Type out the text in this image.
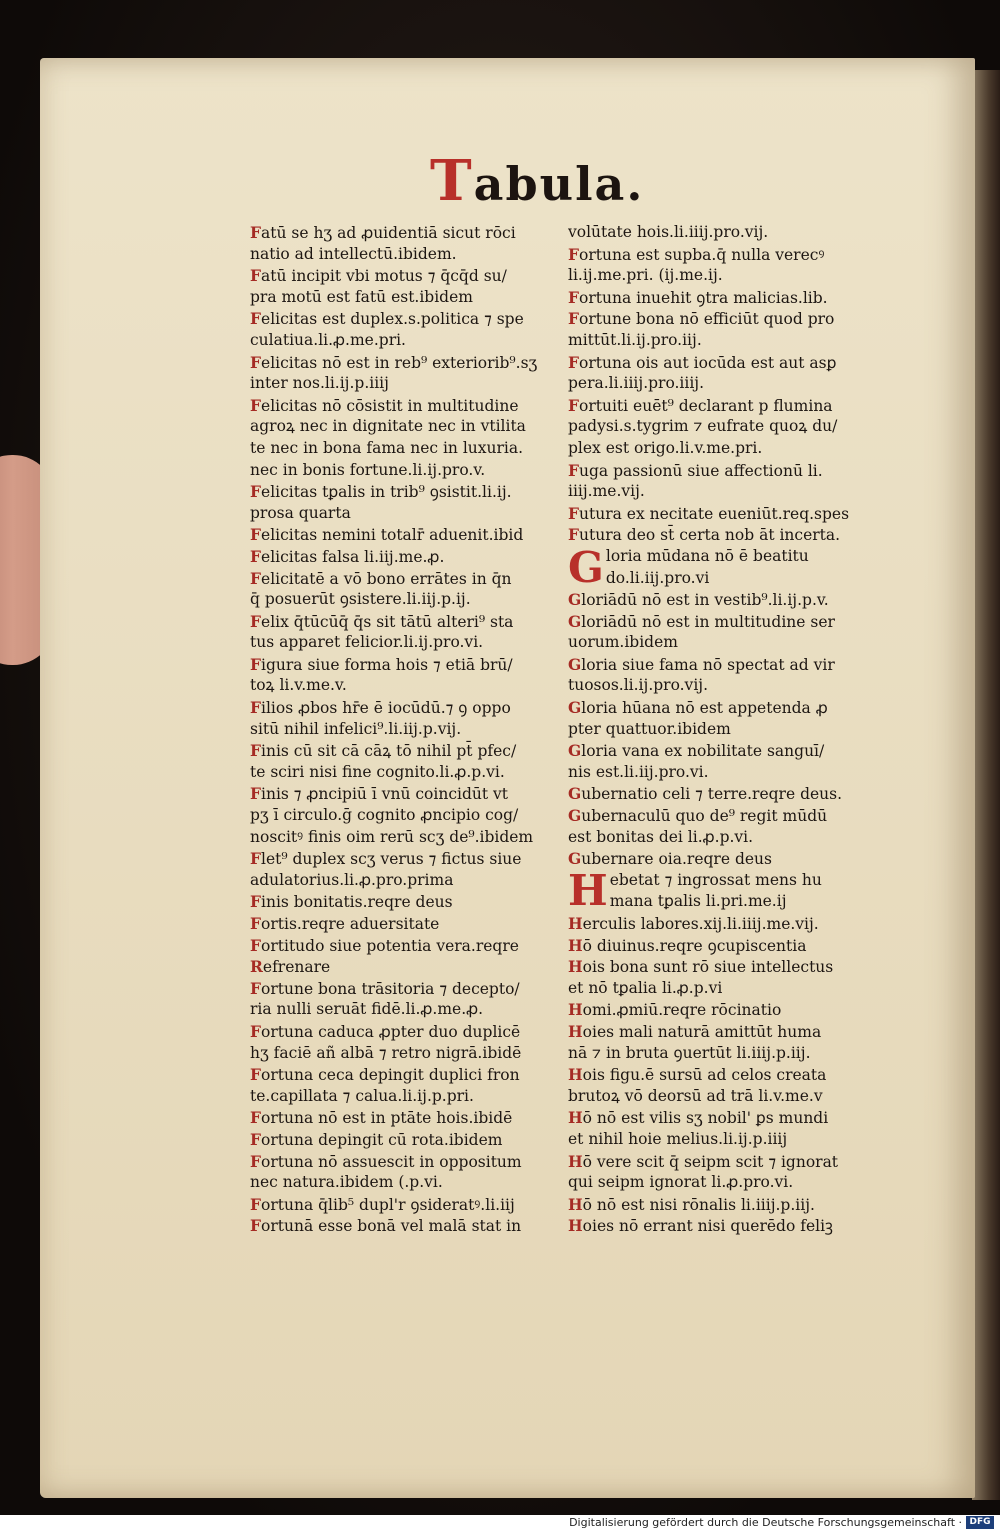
Tabula.
Fatū se hʒ ad ꝓuidentiā sicut rōci
natio ad intellectū.ibidem.
Fatū incipit vbi motus ⁊ q̄cq̄d su/
pra motū est fatū est.ibidem
Felicitas est duplex.s.politica ⁊ spe
culatiua.li.ꝓ.me.pri.
Felicitas nō est in reb⁹ exteriorib⁹.sʒ
inter nos.li.ij.p.iiij
Felicitas nō cōsistit in multitudine
agroꝝ nec in dignitate nec in vtilita
te nec in bona fama nec in luxuria.
nec in bonis fortune.li.ij.pro.v.
Felicitas tꝑalis in trib⁹ ꝯsistit.li.ij.
prosa quarta
Felicitas nemini totalr̄ aduenit.ibid
Felicitas falsa li.iij.me.ꝓ.
Felicitatē a vō bono errātes in q̄n
q̄ posuerūt ꝯsistere.li.iij.p.ij.
Felix q̄tūcūq̄ q̄s sit tātū alteri⁹ sta
tus apparet felicior.li.ij.pro.vi.
Figura siue forma hois ⁊ etiā brū/
toꝝ li.v.me.v.
Filios ꝓbos hr̄e ē iocūdū.⁊ ꝯ oppo
sitū nihil infelici⁹.li.iij.p.vij.
Finis cū sit cā cāꝝ tō nihil pt̄ pfec/
te sciri nisi fine cognito.li.ꝓ.p.vi.
Finis ⁊ ꝓncipiū ī vnū coincidūt vt
pʒ ī circulo.ḡ cognito ꝓncipio cog/
noscitꝰ finis oim rerū scʒ de⁹.ibidem
Flet⁹ duplex scʒ verus ⁊ fictus siue
adulatorius.li.ꝓ.pro.prima
Finis bonitatis.reqre deus
Fortis.reqre aduersitate
Fortitudo siue potentia vera.reqre
Refrenare
Fortune bona trāsitoria ⁊ decepto/
ria nulli seruāt fidē.li.ꝓ.me.ꝓ.
Fortuna caduca ꝓpter duo duplicē
hʒ faciē añ albā ⁊ retro nigrā.ibidē
Fortuna ceca depingit duplici fron
te.capillata ⁊ calua.li.ij.p.pri.
Fortuna nō est in ptāte hois.ibidē
Fortuna depingit cū rota.ibidem
Fortuna nō assuescit in oppositum
nec natura.ibidem (.p.vi.
Fortuna q̄lib⁵ dupl'r ꝯsideratꝰ.li.iij
Fortunā esse bonā vel malā stat in
volūtate hois.li.iiij.pro.vij.
Fortuna est supba.q̄ nulla verecꝰ
li.ij.me.pri. (ij.me.ij.
Fortuna inuehit ꝯtra malicias.lib.
Fortune bona nō efficiūt quod pro
mittūt.li.ij.pro.iij.
Fortuna ois aut iocūda est aut asꝑ
pera.li.iiij.pro.iiij.
Fortuiti euēt⁹ declarant p flumina
padysi.s.tygrim ⁊ eufrate quoꝝ du/
plex est origo.li.v.me.pri.
Fuga passionū siue affectionū li.
iiij.me.vij.
Futura ex necitate eueniūt.req.spes
Futura deo st̄ certa nob āt incerta.
G loria mūdana nō ē beatitu
do.li.iij.pro.vi
Gloriādū nō est in vestib⁹.li.ij.p.v.
Gloriādū nō est in multitudine ser
uorum.ibidem
Gloria siue fama nō spectat ad vir
tuosos.li.ij.pro.vij.
Gloria hūana nō est appetenda ꝓ
pter quattuor.ibidem
Gloria vana ex nobilitate sanguī/
nis est.li.iij.pro.vi.
Gubernatio celi ⁊ terre.reqre deus.
Gubernaculū quo de⁹ regit mūdū
est bonitas dei li.ꝓ.p.vi.
Gubernare oia.reqre deus
H ebetat ⁊ ingrossat mens hu
mana tꝑalis li.pri.me.ij
Herculis labores.xij.li.iiij.me.vij.
Hō diuinus.reqre ꝯcupiscentia
Hois bona sunt rō siue intellectus
et nō tꝑalia li.ꝓ.p.vi
Homi.ꝓmiū.reqre rōcinatio
Hoies mali naturā amittūt huma
nā ⁊ in bruta ꝯuertūt li.iiij.p.iij.
Hois figu.ē sursū ad celos creata
brutoꝝ vō deorsū ad trā li.v.me.v
Hō nō est vilis sʒ nobil' ꝑs mundi
et nihil hoie melius.li.ij.p.iiij
Hō vere scit q̄ seipm scit ⁊ ignorat
qui seipm ignorat li.ꝓ.pro.vi.
Hō nō est nisi rōnalis li.iiij.p.iij.
Hoies nō errant nisi querēdo feliꝫ
Digitalisierung gefördert durch die Deutsche Forschungsgemeinschaft · DFG
